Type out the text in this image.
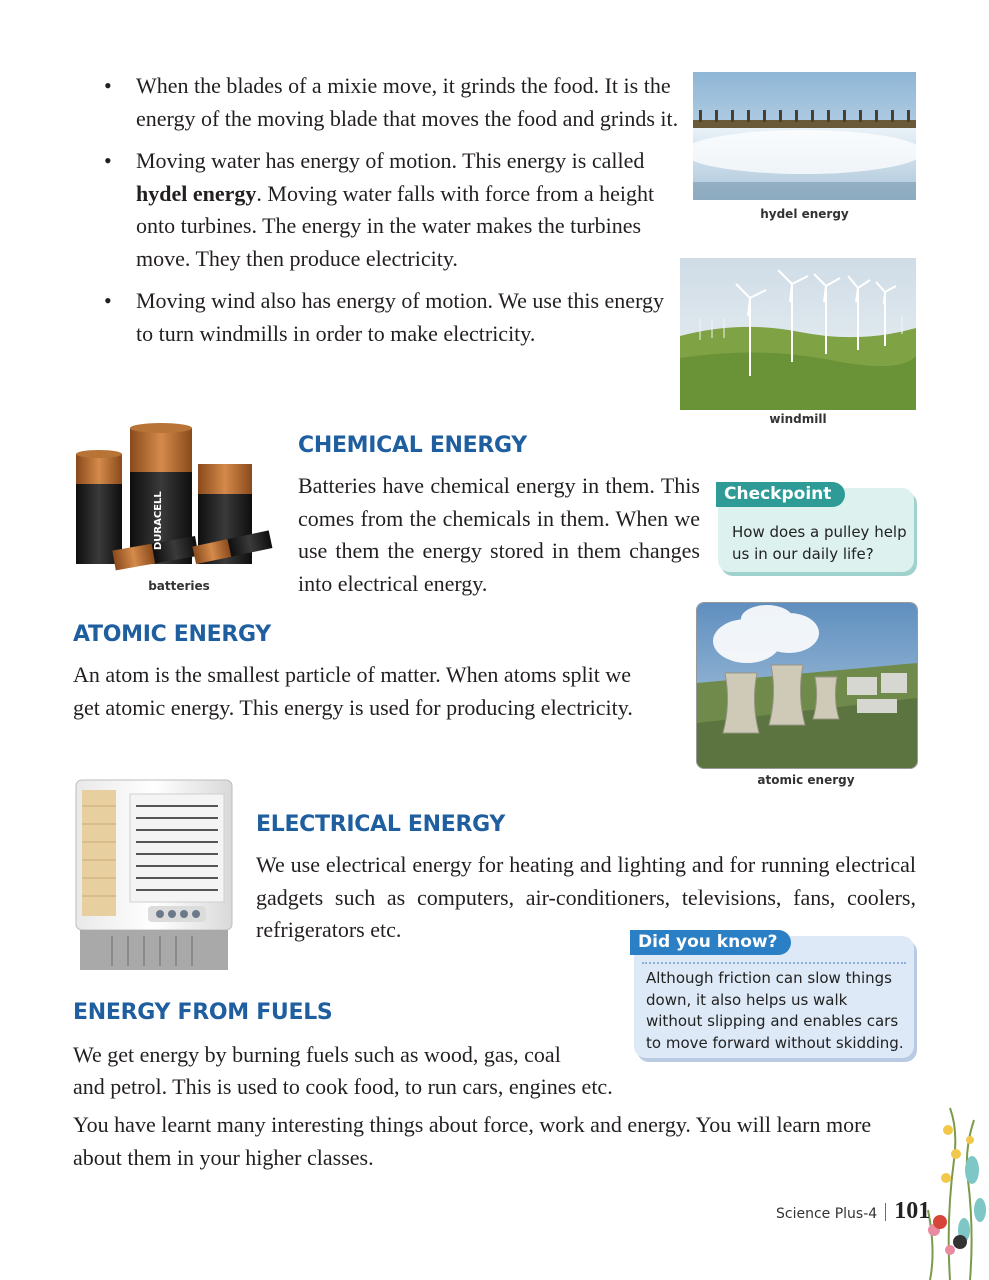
• When the blades of a mixie move, it grinds the food. It is the energy of the moving blade that moves the food and grinds it.
• Moving water has energy of motion. This energy is called hydel energy. Moving water falls with force from a height onto turbines. The energy in the water makes the turbines move. They then produce electricity.
• Moving wind also has energy of motion. We use this energy to turn windmills in order to make electricity.
hydel energy
windmill
DURACELL
batteries
CHEMICAL ENERGY
Batteries have chemical energy in them. This comes from the chemicals in them. When we use them the energy stored in them changes into electrical energy.
How does a pulley help us in our daily life?
Checkpoint
atomic energy
ATOMIC ENERGY
An atom is the smallest particle of matter. When atoms split we get atomic energy. This energy is used for producing electricity.
ELECTRICAL ENERGY
We use electrical energy for heating and lighting and for running electrical gadgets such as computers, air-conditioners, televisions, fans, coolers, refrigerators etc.
Although friction can slow things down, it also helps us walk without slipping and enables cars to move forward without skidding.
Did you know?
ENERGY FROM FUELS
We get energy by burning fuels such as wood, gas, coal
and petrol. This is used to cook food, to run cars, engines etc.
You have learnt many interesting things about force, work and energy. You will learn more about them in your higher classes.
Science Plus-4 101
